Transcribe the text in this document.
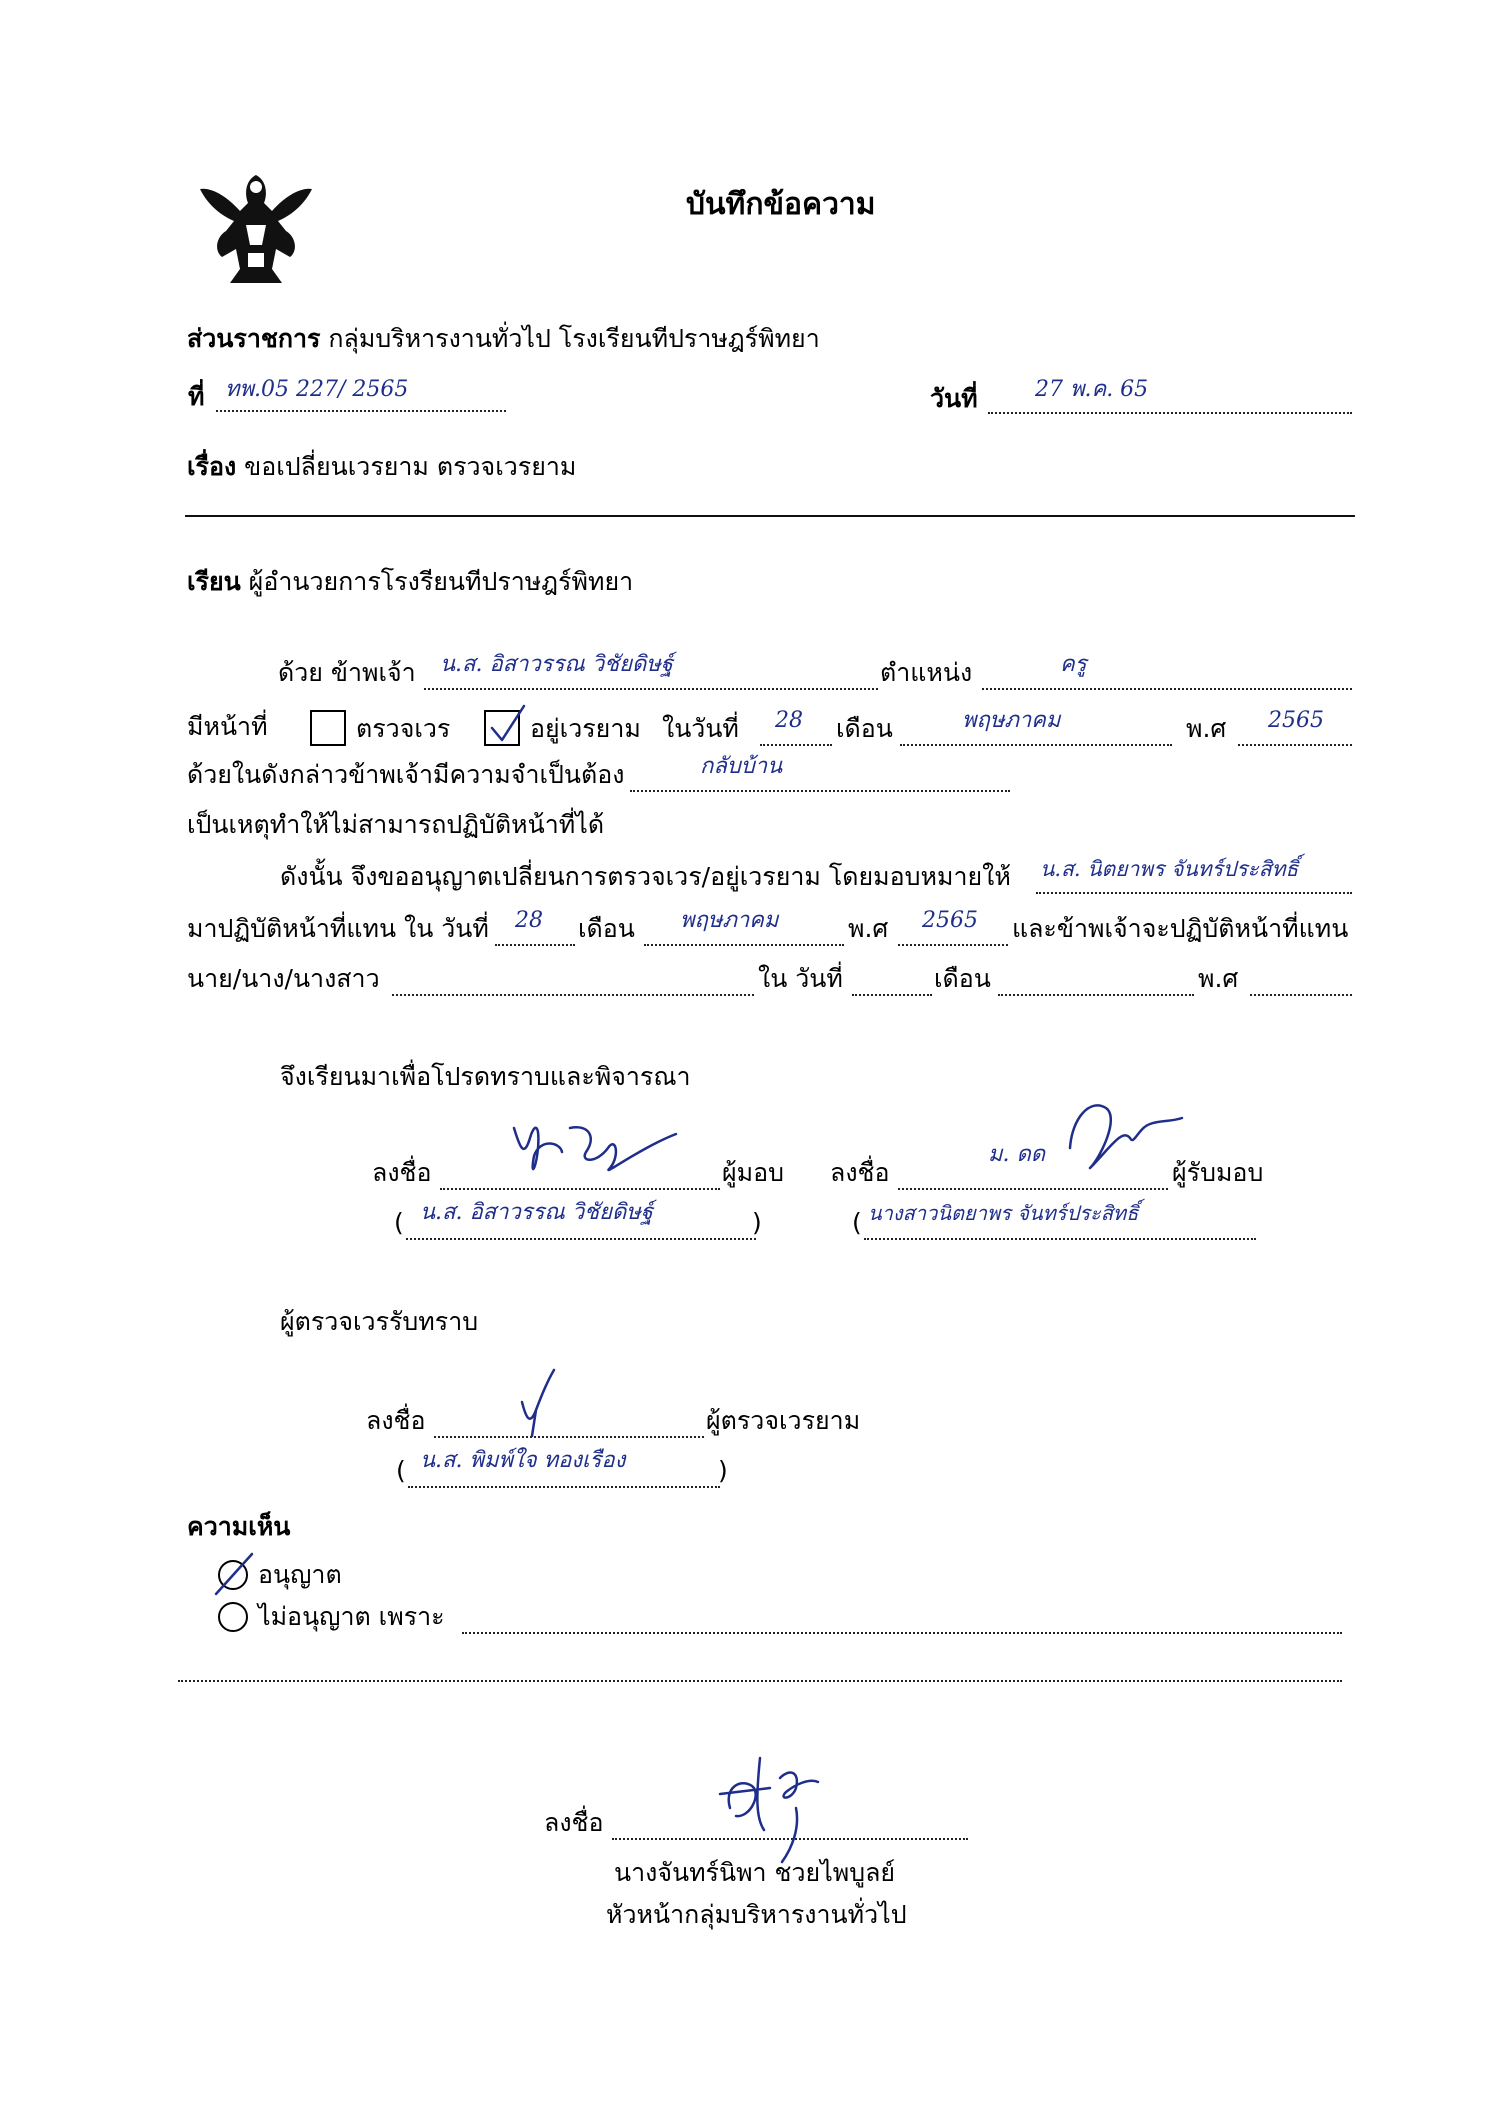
บันทึกข้อความ
ส่วนราชการ กลุ่มบริหารงานทั่วไป โรงเรียนทีปราษฎร์พิทยา
ที่ ทพ.05 227/ 2565	วันที่	27 พ.ค. 65
เรื่อง ขอเปลี่ยนเวรยาม ตรวจเวรยาม
เรียน ผู้อำนวยการโรงรียนทีปราษฎร์พิทยา
ด้วย ข้าพเจ้า น.ส. อิสาวรรณ วิชัยดิษฐ์	ตำแหน่ง	ครู
มีหน้าที่	ตรวจเวร	อยู่เวรยาม ในวันที่ 28 เดือน	พฤษภาคม	พ.ศ 2565
ด้วยในดังกล่าวข้าพเจ้ามีความจำเป็นต้อง	กลับบ้าน
เป็นเหตุทำให้ไม่สามารถปฏิบัติหน้าที่ได้
ดังนั้น จึงขออนุญาตเปลี่ยนการตรวจเวร/อยู่เวรยาม โดยมอบหมายให้ น.ส. นิตยาพร จันทร์ประสิทธิ์
มาปฏิบัติหน้าที่แทน ใน วันที่ 28 เดือน พฤษภาคม	พ.ศ 2565 และข้าพเจ้าจะปฏิบัติหน้าที่แทน
นาย/นาง/นางสาว	ใน วันที่	เดือน	พ.ศ
จึงเรียนมาเพื่อโปรดทราบและพิจารณา
ลงชื่อ	ผู้มอบ
( น.ส. อิสาวรรณ วิชัยดิษฐ์	)
ลงชื่อ
ม. ดด
ผู้รับมอบ
( นางสาวนิตยาพร จันทร์ประสิทธิ์
ผู้ตรวจเวรรับทราบ
ลงชื่อ	ผู้ตรวจเวรยาม
( น.ส. พิมพ์ใจ ทองเรือง	)
ความเห็น
อนุญาต
ไม่อนุญาต เพราะ
ลงชื่อ
นางจันทร์นิพา ชวยไพบูลย์
หัวหน้ากลุ่มบริหารงานทั่วไป
